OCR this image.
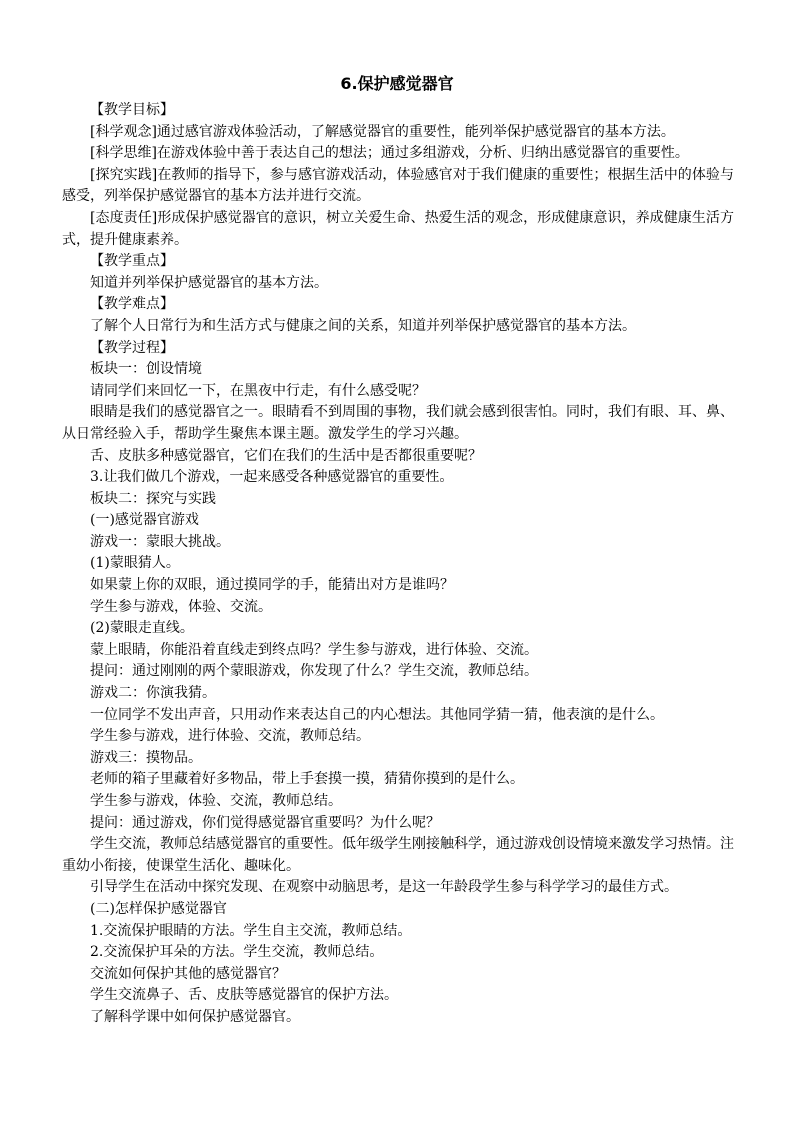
6.保护感觉器官

【教学目标】

[科学观念]通过感官游戏体验活动，了解感觉器官的重要性，能列举保护感觉器官的基本方法。

[科学思维]在游戏体验中善于表达自己的想法；通过多组游戏，分析、归纳出感觉器官的重要性。

[探究实践]在教师的指导下，参与感官游戏活动，体验感官对于我们健康的重要性；根据生活中的体验与感受，列举保护感觉器官的基本方法并进行交流。

[态度责任]形成保护感觉器官的意识，树立关爱生命、热爱生活的观念，形成健康意识，养成健康生活方式，提升健康素养。

【教学重点】

知道并列举保护感觉器官的基本方法。

【教学难点】

了解个人日常行为和生活方式与健康之间的关系，知道并列举保护感觉器官的基本方法。

【教学过程】

板块一：创设情境

请同学们来回忆一下，在黑夜中行走，有什么感受呢？

眼睛是我们的感觉器官之一。眼睛看不到周围的事物，我们就会感到很害怕。同时，我们有眼、耳、鼻、从日常经验入手，帮助学生聚焦本课主题。激发学生的学习兴趣。

舌、皮肤多种感觉器官，它们在我们的生活中是否都很重要呢？

3.让我们做几个游戏，一起来感受各种感觉器官的重要性。

板块二：探究与实践

(一)感觉器官游戏

游戏一：蒙眼大挑战。

(1)蒙眼猜人。

如果蒙上你的双眼，通过摸同学的手，能猜出对方是谁吗？

学生参与游戏，体验、交流。

(2)蒙眼走直线。

蒙上眼睛，你能沿着直线走到终点吗？学生参与游戏，进行体验、交流。

提问：通过刚刚的两个蒙眼游戏，你发现了什么？学生交流，教师总结。

游戏二：你演我猜。

一位同学不发出声音，只用动作来表达自己的内心想法。其他同学猜一猜，他表演的是什么。

学生参与游戏，进行体验、交流，教师总结。

游戏三：摸物品。

老师的箱子里藏着好多物品，带上手套摸一摸，猜猜你摸到的是什么。

学生参与游戏，体验、交流，教师总结。

提问：通过游戏，你们觉得感觉器官重要吗？为什么呢？

学生交流，教师总结感觉器官的重要性。低年级学生刚接触科学，通过游戏创设情境来激发学习热情。注重幼小衔接，使课堂生活化、趣味化。

引导学生在活动中探究发现、在观察中动脑思考，是这一年龄段学生参与科学学习的最佳方式。

(二)怎样保护感觉器官

1.交流保护眼睛的方法。学生自主交流，教师总结。

2.交流保护耳朵的方法。学生交流，教师总结。

交流如何保护其他的感觉器官？

学生交流鼻子、舌、皮肤等感觉器官的保护方法。

了解科学课中如何保护感觉器官。
